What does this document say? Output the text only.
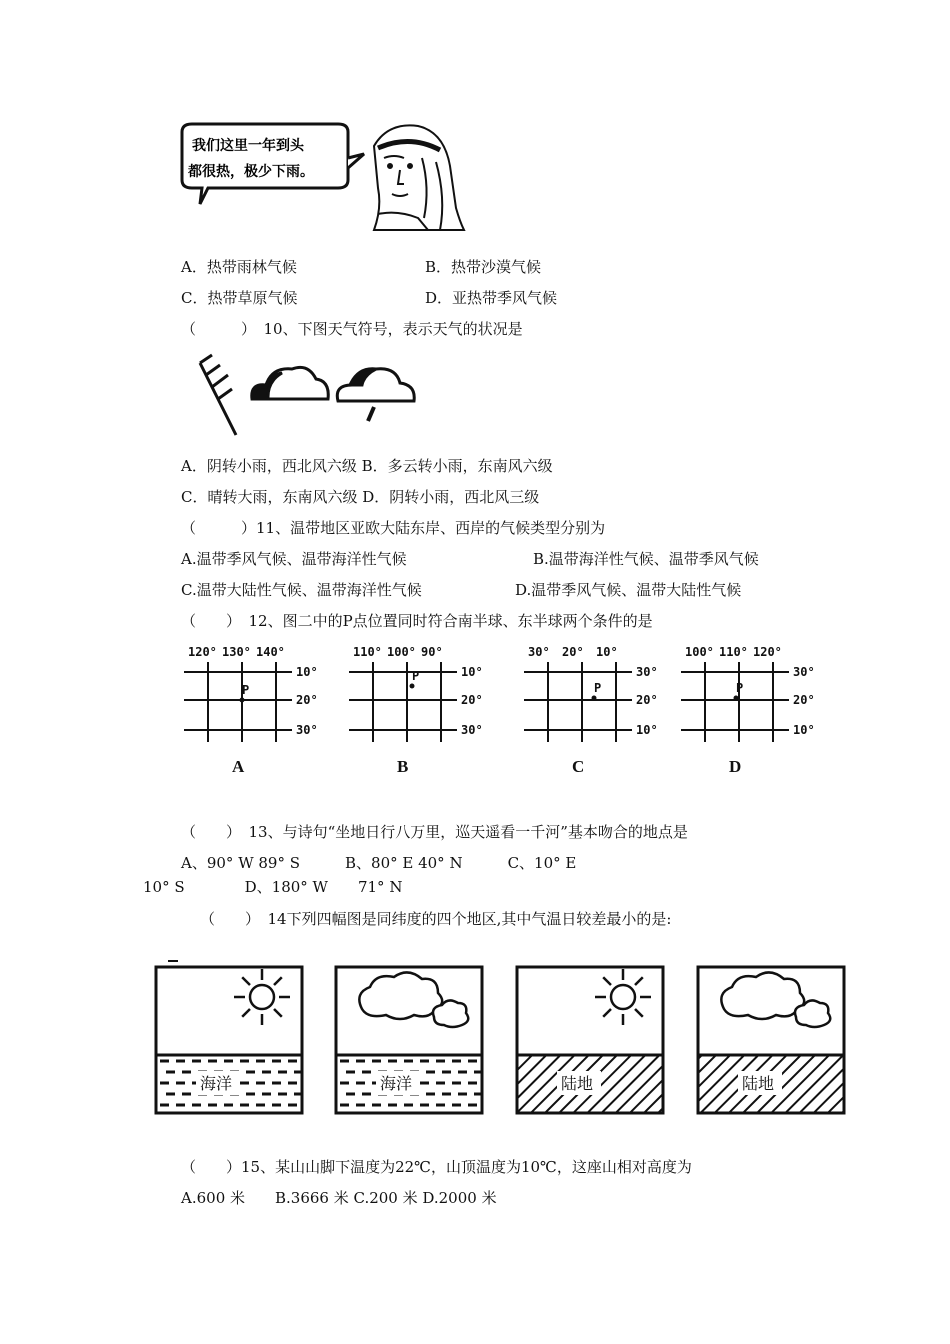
我们这里一年到头
都很热，极少下雨。
A．热带雨林气候	B．热带沙漠气候
C．热带草原气候	D．亚热带季风气候
（　　　）　10、下图天气符号，表示天气的状况是
A．阴转小雨，西北风六级 B．多云转小雨，东南风六级
C．晴转大雨，东南风六级 D．阴转小雨，西北风三级
（　　　）11、温带地区亚欧大陆东岸、西岸的气候类型分别为
A.温带季风气候、温带海洋性气候	B.温带海洋性气候、温带季风气候
C.温带大陆性气候、温带海洋性气候	D.温带季风气候、温带大陆性气候
（　　）　12、图二中的P点位置同时符合南半球、东半球两个条件的是
120° 130° 140°
10°
20°
30°
P
A
110° 100° 90°
10°
20°
30°
P
B
30° 20° 10°
30°
20°
10°
P
C
100° 110° 120°
30°
20°
10°
P
D
（　　）　13、与诗句“坐地日行八万里，巡天遥看一千河”基本吻合的地点是
A、90° W 89° S　　　B、80° E 40° N　　　C、10° E
10° S　　　　D、180° W　　71° N
（　　）　14下列四幅图是同纬度的四个地区,其中气温日较差最小的是:
海洋	海洋	陆地	陆地
（　　）15、某山山脚下温度为22℃，山顶温度为10℃，这座山相对高度为
A.600 米　　B.3666 米 C.200 米 D.2000 米
